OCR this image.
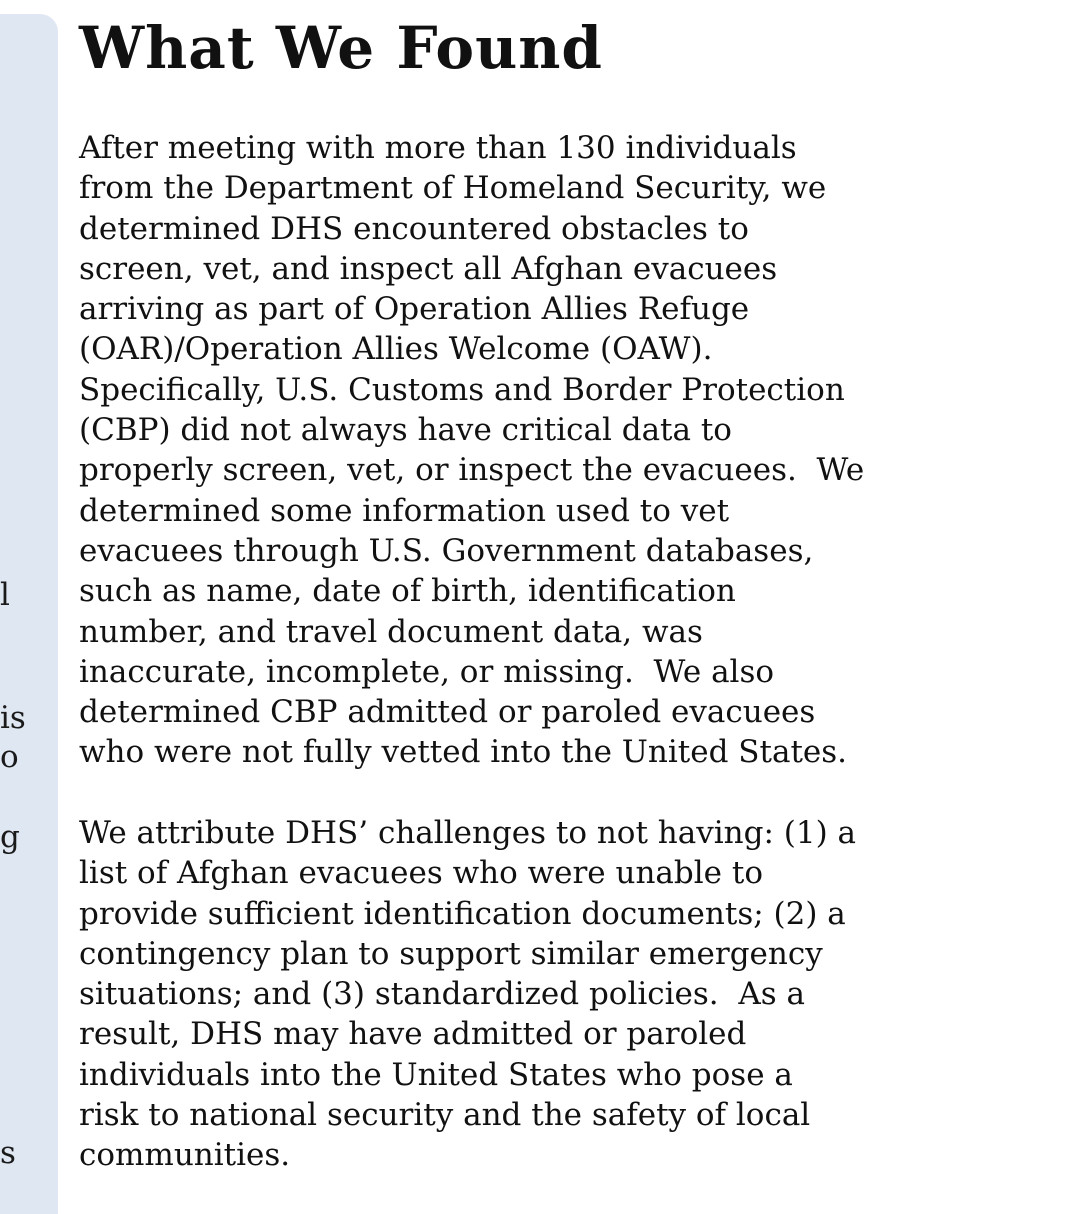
l
is
o
g
s
What We Found
After meeting with more than 130 individuals
from the Department of Homeland Security, we
determined DHS encountered obstacles to
screen, vet, and inspect all Afghan evacuees
arriving as part of Operation Allies Refuge
(OAR)/Operation Allies Welcome (OAW).
Specifically, U.S. Customs and Border Protection
(CBP) did not always have critical data to
properly screen, vet, or inspect the evacuees.  We
determined some information used to vet
evacuees through U.S. Government databases,
such as name, date of birth, identification
number, and travel document data, was
inaccurate, incomplete, or missing.  We also
determined CBP admitted or paroled evacuees
who were not fully vetted into the United States.
We attribute DHS’ challenges to not having: (1) a
list of Afghan evacuees who were unable to
provide sufficient identification documents; (2) a
contingency plan to support similar emergency
situations; and (3) standardized policies.  As a
result, DHS may have admitted or paroled
individuals into the United States who pose a
risk to national security and the safety of local
communities.
